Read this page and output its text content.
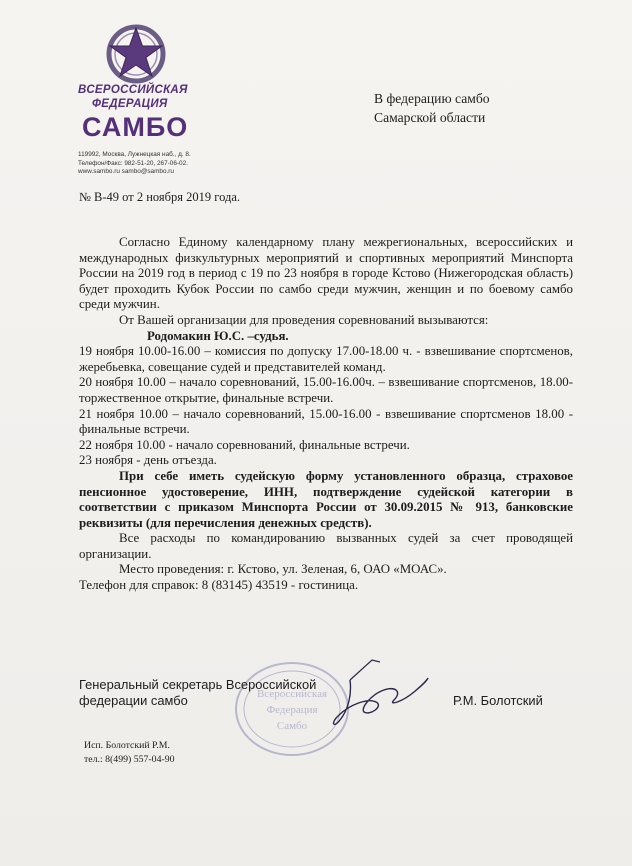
ВСЕРОССИЙСКАЯ
ФЕДЕРАЦИЯ
САМБО
119992, Москва, Лужнецкая наб., д. 8.
Телефон/Факс: 982-51-20, 267-06-02.
www.sambo.ru sambo@sambo.ru
В федерацию самбо
Самарской области
№ В-49 от 2 ноября 2019 года.

Согласно Единому календарному плану межрегиональных, всероссийских и международных физкультурных мероприятий и спортивных мероприятий Минспорта России на 2019 год в период с 19 по 23 ноября в городе Кстово (Нижегородская область) будет проходить Кубок России по самбо среди мужчин, женщин и по боевому самбо среди мужчин.

От Вашей организации для проведения соревнований вызываются:

Родомакин Ю.С. –судья.

19 ноября 10.00-16.00 – комиссия по допуску 17.00-18.00 ч. - взвешивание спортсменов, жеребьевка, совещание судей и представителей команд.

20 ноября 10.00 – начало соревнований, 15.00-16.00ч. – взвешивание спортсменов, 18.00- торжественное открытие, финальные встречи.

21 ноября 10.00 – начало соревнований, 15.00-16.00 - взвешивание спортсменов 18.00 - финальные встречи.

22 ноября 10.00 - начало соревнований, финальные встречи.

23 ноября - день отъезда.

При себе иметь судейскую форму установленного образца, страховое пенсионное удостоверение, ИНН, подтверждение судейской категории в соответствии с приказом Минспорта России от 30.09.2015 № 913, банковские реквизиты (для перечисления денежных средств).

Все расходы по командированию вызванных судей за счет проводящей организации.

Место проведения: г. Кстово, ул. Зеленая, 6, ОАО «МОАС».

Телефон для справок: 8 (83145) 43519 - гостиница.

Всероссийская
Федерация
Самбо
Генеральный секретарь Всероссийской
федерации самбо	Р.М. Болотский
Исп. Болотский Р.М.
тел.: 8(499) 557-04-90
